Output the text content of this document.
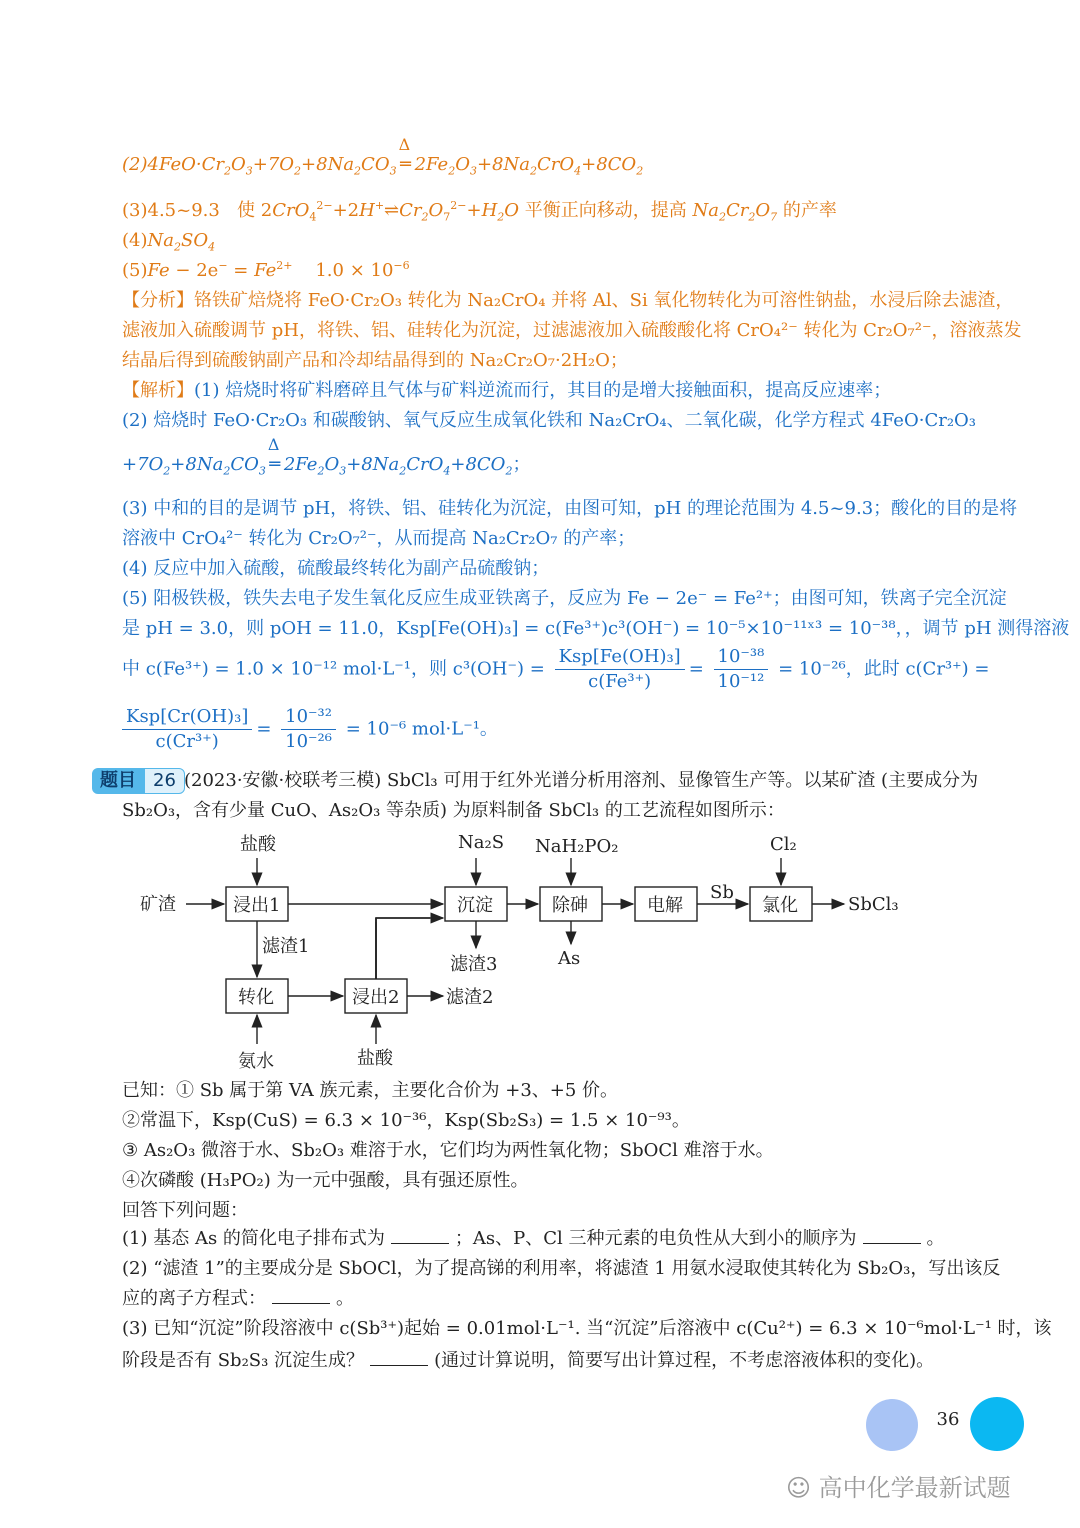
$(2)4FeO\cdot Cr_2O_3+7O_2+8Na_2CO_3$
Δ
═ $2Fe_2O_3+8Na_2CrO_4+8CO_2$
(3)4.5~9.3 使 $2CrO_4^{2-}+2H^+\rightleftharpoons Cr_2O_7^{2-}+H_2O$ 平衡正向移动，提高 $Na_2Cr_2O_7$ 的产率
$(4)Na_2SO_4$
$(5)Fe - 2e^- = Fe^{2+}$    $1.0 \times 10^{-6}$
【分析】铬铁矿焙烧将 FeO·Cr₂O₃ 转化为 Na₂CrO₄ 并将 Al、Si 氧化物转化为可溶性钠盐，水浸后除去滤渣，
滤液加入硫酸调节 pH，将铁、铝、硅转化为沉淀，过滤滤液加入硫酸酸化将 CrO₄²⁻ 转化为 Cr₂O₇²⁻，溶液蒸发
结晶后得到硫酸钠副产品和冷却结晶得到的 Na₂Cr₂O₇·2H₂O；
【解析】(1) 焙烧时将矿料磨碎且气体与矿料逆流而行，其目的是增大接触面积，提高反应速率；
(2) 焙烧时 FeO·Cr₂O₃ 和碳酸钠、氧气反应生成氧化铁和 Na₂CrO₄、二氧化碳，化学方程式 4FeO·Cr₂O₃
$+7O_2+8Na_2CO_3$
Δ
═ $2Fe_2O_3+8Na_2CrO_4+8CO_2$；
(3) 中和的目的是调节 pH，将铁、铝、硅转化为沉淀，由图可知，pH 的理论范围为 4.5~9.3；酸化的目的是将
溶液中 CrO₄²⁻ 转化为 Cr₂O₇²⁻，从而提高 Na₂Cr₂O₇ 的产率；
(4) 反应中加入硫酸，硫酸最终转化为副产品硫酸钠；
(5) 阳极铁极，铁失去电子发生氧化反应生成亚铁离子，反应为 Fe − 2e⁻ = Fe²⁺；由图可知，铁离子完全沉淀
是 pH = 3.0，则 pOH = 11.0，Ksp[Fe(OH)₃] = c(Fe³⁺)c³(OH⁻) = 10⁻⁵×10⁻¹¹ˣ³ = 10⁻³⁸，，调节 pH 测得溶液
中 c(Fe³⁺) = 1.0 × 10⁻¹² mol·L⁻¹，则 $c^3(OH^-) = \frac{\text{Ksp[Fe(OH)₃]}}{\text{c(Fe³⁺)}} = \frac{\text{10⁻³⁸}}{\text{10⁻¹²}} = 10^{-26}$，此时 c(Cr³⁺) =
$\frac{\text{Ksp[Cr(OH)₃]}}{\text{c(Cr³⁺)}} = \frac{\text{10⁻³²}}{\text{10⁻²⁶}} = 10^{-6}$ mol·L⁻¹。
题目 26 (2023·安徽·校联考三模) SbCl₃ 可用于红外光谱分析用溶剂、显像管生产等。以某矿渣 (主要成分为
Sb₂O₃，含有少量 CuO、As₂O₃ 等杂质) 为原料制备 SbCl₃ 的工艺流程如图所示：
矿渣	浸出1	沉淀	除砷	电解	氯化	SbCl₃
转化	浸出2
盐酸	Na₂S NaH₂PO₂	Cl₂
氨水	盐酸
滤渣1
滤渣3	As
Sb
滤渣2
已知：① Sb 属于第 VA 族元素，主要化合价为 +3、+5 价。
②常温下，Ksp(CuS) = 6.3 × 10⁻³⁶，Ksp(Sb₂S₃) = 1.5 × 10⁻⁹³。
③ As₂O₃ 微溶于水、Sb₂O₃ 难溶于水，它们均为两性氧化物；SbOCl 难溶于水。
④次磷酸 (H₃PO₂) 为一元中强酸，具有强还原性。
回答下列问题：
(1) 基态 As 的简化电子排布式为	；As、P、Cl 三种元素的电负性从大到小的顺序为	。
(2) “滤渣 1”的主要成分是 SbOCl，为了提高锑的利用率，将滤渣 1 用氨水浸取使其转化为 Sb₂O₃，写出该反
应的离子方程式：	。
(3) 已知“沉淀”阶段溶液中 c(Sb³⁺)起始 = 0.01mol·L⁻¹. 当“沉淀”后溶液中 c(Cu²⁺) = 6.3 × 10⁻⁶mol·L⁻¹ 时，该
阶段是否有 Sb₂S₃ 沉淀生成？	(通过计算说明，简要写出计算过程，不考虑溶液体积的变化)。
36
☺ 高中化学最新试题
